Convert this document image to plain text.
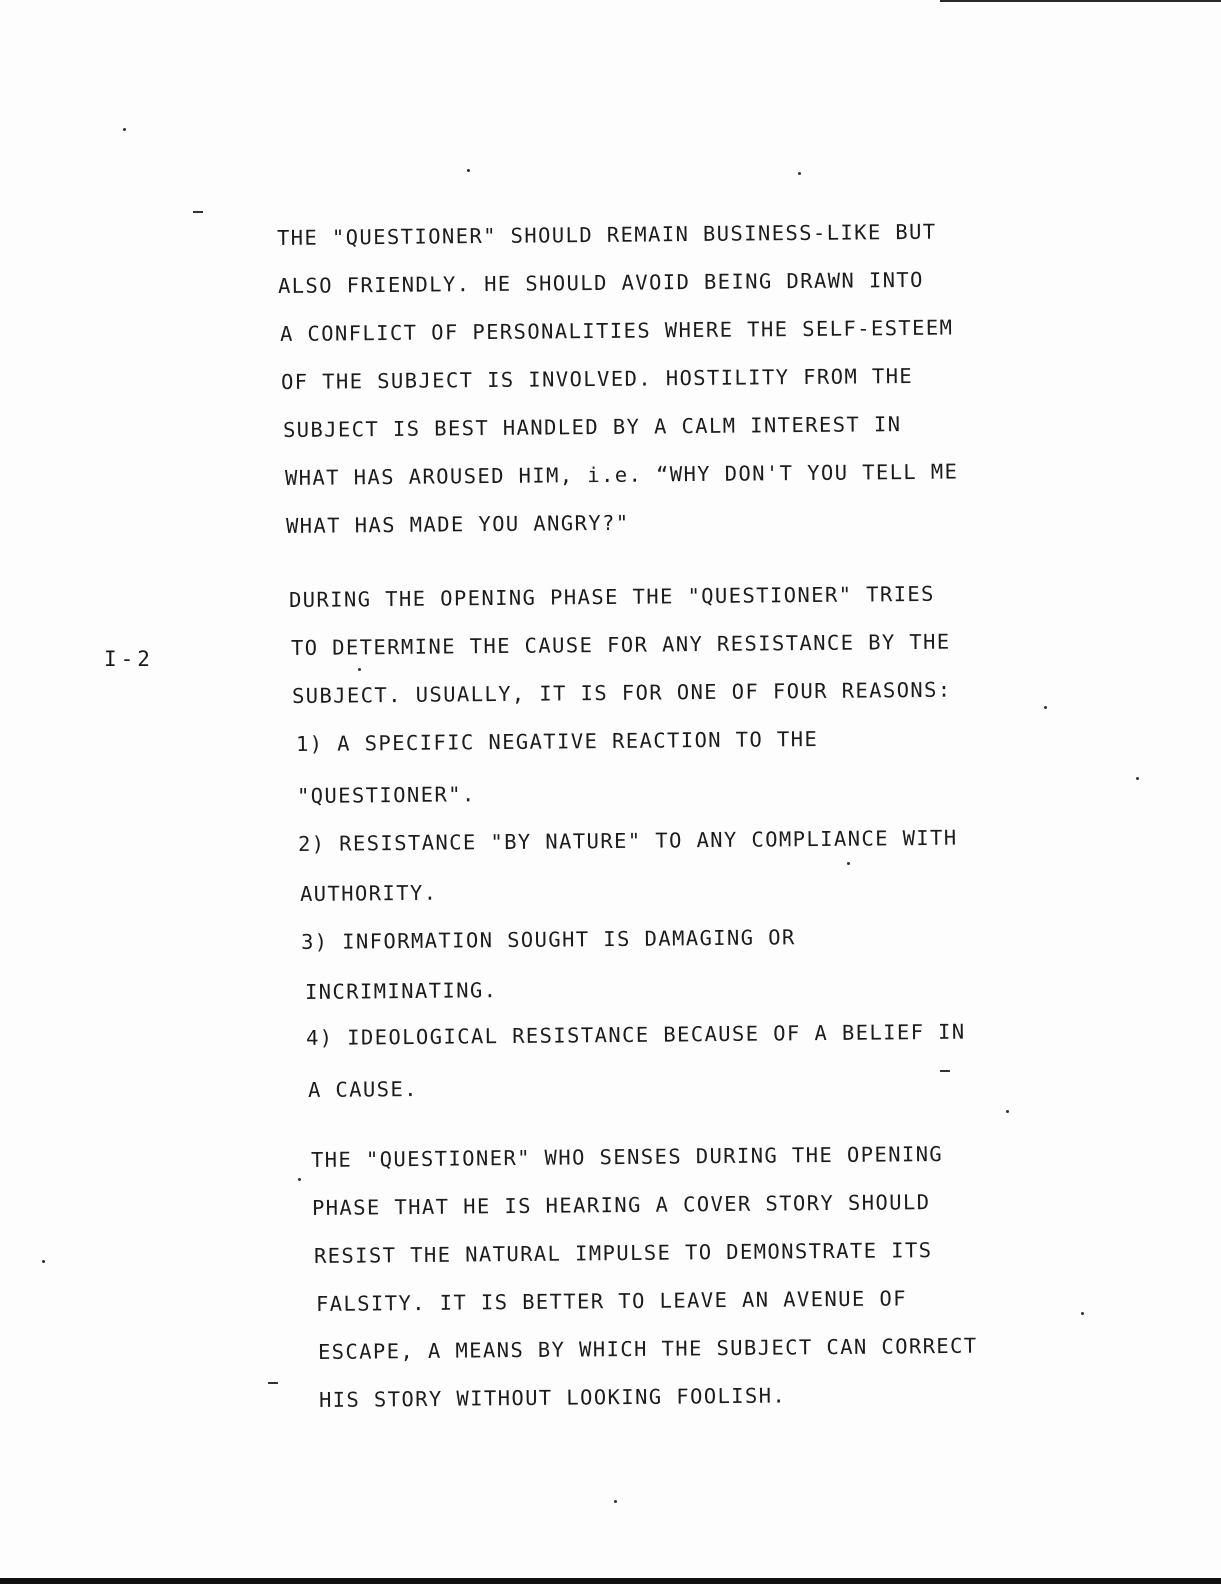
I-2
THE "QUESTIONER" SHOULD REMAIN BUSINESS-LIKE BUT
ALSO FRIENDLY. HE SHOULD AVOID BEING DRAWN INTO
A CONFLICT OF PERSONALITIES WHERE THE SELF-ESTEEM
OF THE SUBJECT IS INVOLVED. HOSTILITY FROM THE
SUBJECT IS BEST HANDLED BY A CALM INTEREST IN
WHAT HAS AROUSED HIM, i.e. “WHY DON'T YOU TELL ME
WHAT HAS MADE YOU ANGRY?"
DURING THE OPENING PHASE THE "QUESTIONER" TRIES
TO DETERMINE THE CAUSE FOR ANY RESISTANCE BY THE
SUBJECT. USUALLY, IT IS FOR ONE OF FOUR REASONS:
1) A SPECIFIC NEGATIVE REACTION TO THE
"QUESTIONER".
2) RESISTANCE "BY NATURE" TO ANY COMPLIANCE WITH
AUTHORITY.
3) INFORMATION SOUGHT IS DAMAGING OR
INCRIMINATING.
4) IDEOLOGICAL RESISTANCE BECAUSE OF A BELIEF IN
A CAUSE.
THE "QUESTIONER" WHO SENSES DURING THE OPENING
PHASE THAT HE IS HEARING A COVER STORY SHOULD
RESIST THE NATURAL IMPULSE TO DEMONSTRATE ITS
FALSITY. IT IS BETTER TO LEAVE AN AVENUE OF
ESCAPE, A MEANS BY WHICH THE SUBJECT CAN CORRECT
HIS STORY WITHOUT LOOKING FOOLISH.
